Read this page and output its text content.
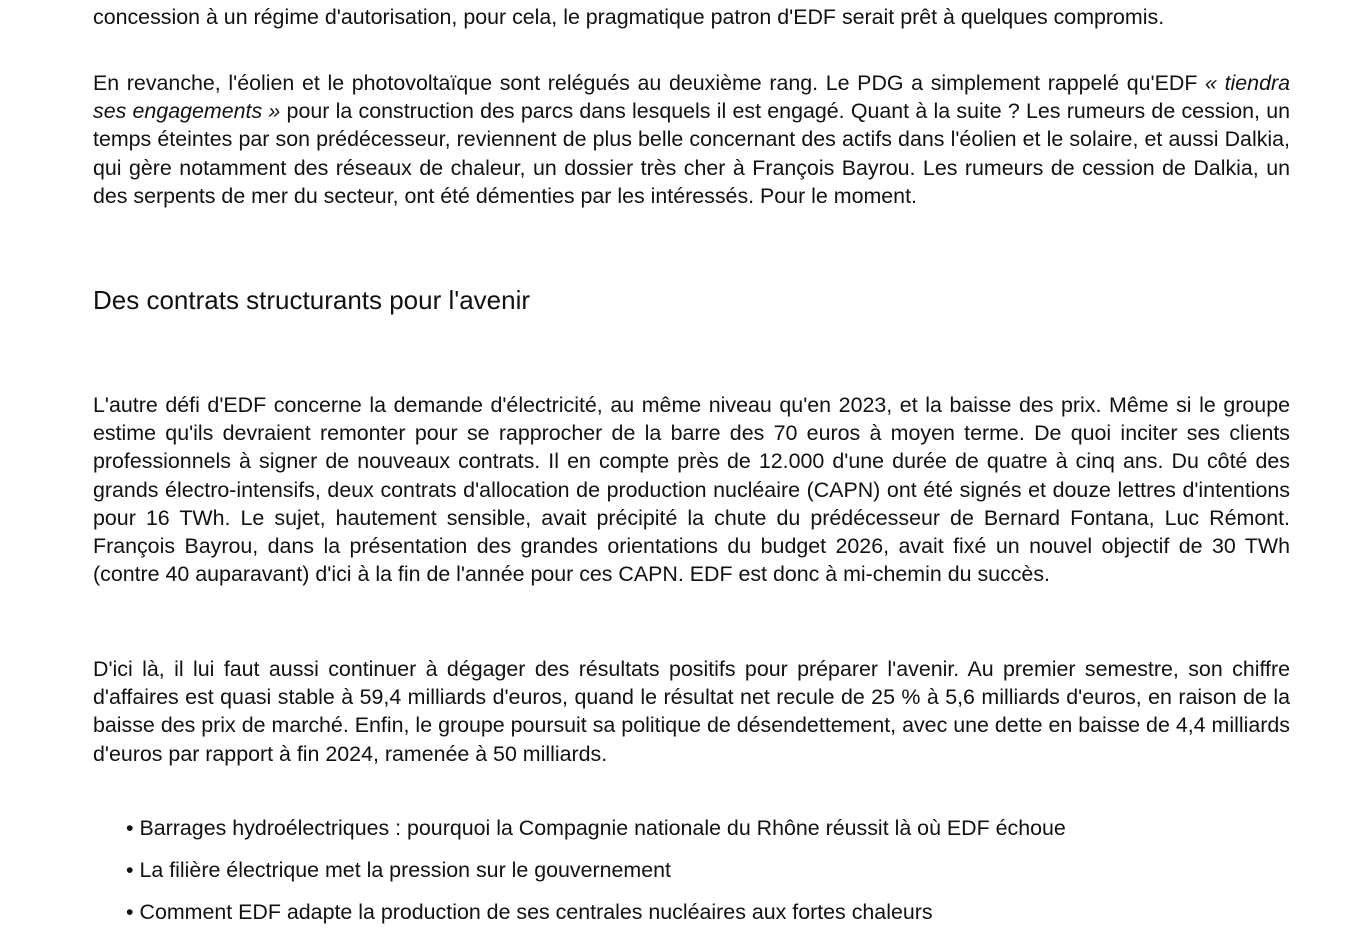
concession à un régime d'autorisation, pour cela, le pragmatique patron d'EDF serait prêt à quelques compromis.

En revanche, l'éolien et le photovoltaïque sont relégués au deuxième rang. Le PDG a simplement rappelé qu'EDF « tiendra ses engagements » pour la construction des parcs dans lesquels il est engagé. Quant à la suite ? Les rumeurs de cession, un temps éteintes par son prédécesseur, reviennent de plus belle concernant des actifs dans l'éolien et le solaire, et aussi Dalkia, qui gère notamment des réseaux de chaleur, un dossier très cher à François Bayrou. Les rumeurs de cession de Dalkia, un des serpents de mer du secteur, ont été démenties par les intéressés. Pour le moment.

Des contrats structurants pour l'avenir

L'autre défi d'EDF concerne la demande d'électricité, au même niveau qu'en 2023, et la baisse des prix. Même si le groupe estime qu'ils devraient remonter pour se rapprocher de la barre des 70 euros à moyen terme. De quoi inciter ses clients professionnels à signer de nouveaux contrats. Il en compte près de 12.000 d'une durée de quatre à cinq ans. Du côté des grands électro-intensifs, deux contrats d'allocation de production nucléaire (CAPN) ont été signés et douze lettres d'intentions pour 16 TWh. Le sujet, hautement sensible, avait précipité la chute du prédécesseur de Bernard Fontana, Luc Rémont. François Bayrou, dans la présentation des grandes orientations du budget 2026, avait fixé un nouvel objectif de 30 TWh (contre 40 auparavant) d'ici à la fin de l'année pour ces CAPN. EDF est donc à mi-chemin du succès.

D'ici là, il lui faut aussi continuer à dégager des résultats positifs pour préparer l'avenir. Au premier semestre, son chiffre d'affaires est quasi stable à 59,4 milliards d'euros, quand le résultat net recule de 25 % à 5,6 milliards d'euros, en raison de la baisse des prix de marché. Enfin, le groupe poursuit sa politique de désendettement, avec une dette en baisse de 4,4 milliards d'euros par rapport à fin 2024, ramenée à 50 milliards.

• Barrages hydroélectriques : pourquoi la Compagnie nationale du Rhône réussit là où EDF échoue
• La filière électrique met la pression sur le gouvernement
• Comment EDF adapte la production de ses centrales nucléaires aux fortes chaleurs
